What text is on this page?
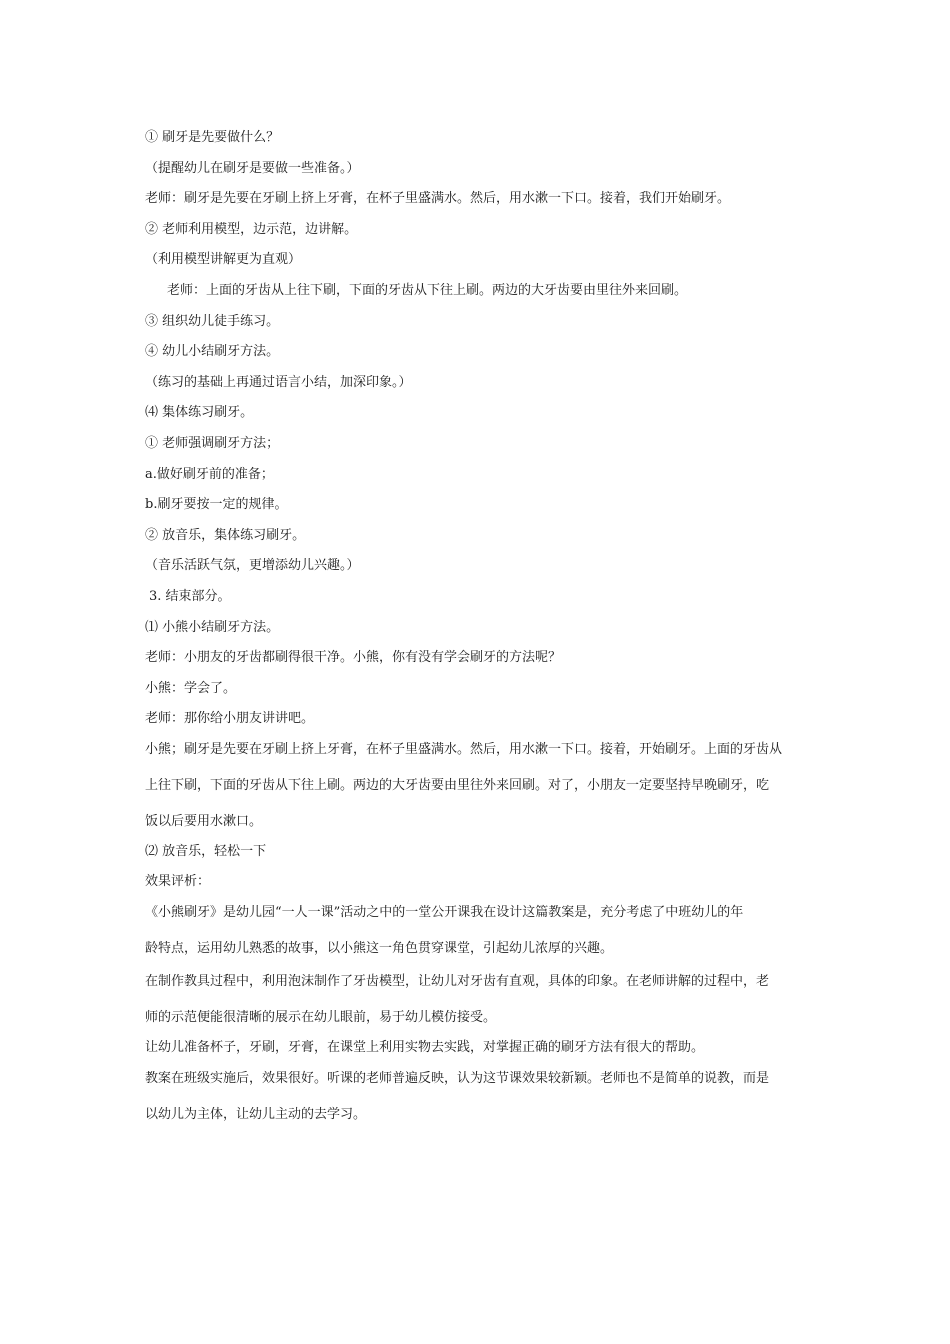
① 刷牙是先要做什么？
（提醒幼儿在刷牙是要做一些准备。）
老师：刷牙是先要在牙刷上挤上牙膏，在杯子里盛满水。然后，用水漱一下口。接着，我们开始刷牙。
② 老师利用模型，边示范，边讲解。
（利用模型讲解更为直观）
老师：上面的牙齿从上往下刷，下面的牙齿从下往上刷。两边的大牙齿要由里往外来回刷。
③ 组织幼儿徒手练习。
④ 幼儿小结刷牙方法。
（练习的基础上再通过语言小结，加深印象。）
⑷ 集体练习刷牙。
① 老师强调刷牙方法；
a.做好刷牙前的准备；
b.刷牙要按一定的规律。
② 放音乐，集体练习刷牙。
（音乐活跃气氛，更增添幼儿兴趣。）
3. 结束部分。
⑴ 小熊小结刷牙方法。
老师：小朋友的牙齿都刷得很干净。小熊，你有没有学会刷牙的方法呢？
小熊：学会了。
老师：那你给小朋友讲讲吧。
小熊；刷牙是先要在牙刷上挤上牙膏，在杯子里盛满水。然后，用水漱一下口。接着，开始刷牙。上面的牙齿从
上往下刷，下面的牙齿从下往上刷。两边的大牙齿要由里往外来回刷。对了，小朋友一定要坚持早晚刷牙，吃
饭以后要用水漱口。
⑵ 放音乐，轻松一下
效果评析：
《小熊刷牙》是幼儿园“一人一课”活动之中的一堂公开课我在设计这篇教案是，充分考虑了中班幼儿的年
龄特点，运用幼儿熟悉的故事，以小熊这一角色贯穿课堂，引起幼儿浓厚的兴趣。
在制作教具过程中，利用泡沫制作了牙齿模型，让幼儿对牙齿有直观，具体的印象。在老师讲解的过程中，老
师的示范便能很清晰的展示在幼儿眼前，易于幼儿模仿接受。
让幼儿准备杯子，牙刷，牙膏，在课堂上利用实物去实践，对掌握正确的刷牙方法有很大的帮助。
教案在班级实施后，效果很好。听课的老师普遍反映，认为这节课效果较新颖。老师也不是简单的说教，而是
以幼儿为主体，让幼儿主动的去学习。
